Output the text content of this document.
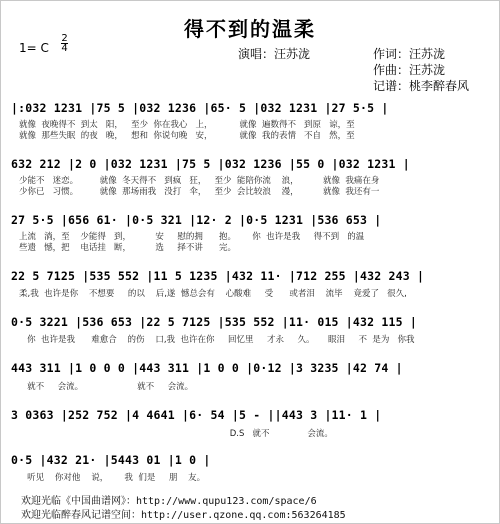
得不到的温柔
演唱：汪苏泷	作词：汪苏泷
作曲：汪苏泷
记谱：桃李醉春风
1= C
2
4
|:032 1231 |75 5 |032 1236 |65· 5 |032 1231 |27 5·5 |
就像  夜晚得不  到太   阳，   至少  你在我心   上，          就像  遍数得不   到原   谅，至
就像  那些失眠  的夜   晚，   想和  你说句晚   安，          就像  我的表情   不自   然，至
632 212 |2 0 |032 1231 |75 5 |032 1236 |55 0 |032 1231 |
少能不   迷恋。        就像  冬天得不   到疯   狂，   至少  能陪你流    浪，         就像  我痛在身
少你已   习惯。        就像  那场雨我   没打   伞，   至少  会比较浪    漫，         就像  我还有一
27 5·5 |656 61· |0·5 321 |12· 2 |0·5 1231 |536 653 |
上流   淌，至    少能得   到，         安     慰的拥      抱。      你  也许是我     得不到   的温
些遗   憾，把    电话挂   断，         选     择不讲      完。
22 5 7125 |535 552 |11 5 1235 |432 11· |712 255 |432 243 |
柔,我  也许是你    不想要     的以    后,遂  憾总会有    心酸难     受      或者泪    流毕    竟爱了   很久,
0·5 3221 |536 653 |22 5 7125 |535 552 |11· 015 |432 115 |
你  也许是我      难愈合    的伤    口,我  也许在你     回忆里     才永     久。     眼泪     不  是为   你我
443 311 |1 0 0 0 |443 311 |1 0 0 |0·12 |3 3235 |42 74 |
就不     会流。                    就不     会流。
3 0363 |252 752 |4 4641 |6· 54 |5 - ||443 3 |11· 1 |
D.S   就不              会流。
0·5 |432 21· |5443 01 |1 0 |
听见    你对他    说，      我  们是     朋    友。
欢迎光临《中国曲谱网》：http://www.qupu123.com/space/6
欢迎光临醉春风记谱空间：http://user.qzone.qq.com:563264185
